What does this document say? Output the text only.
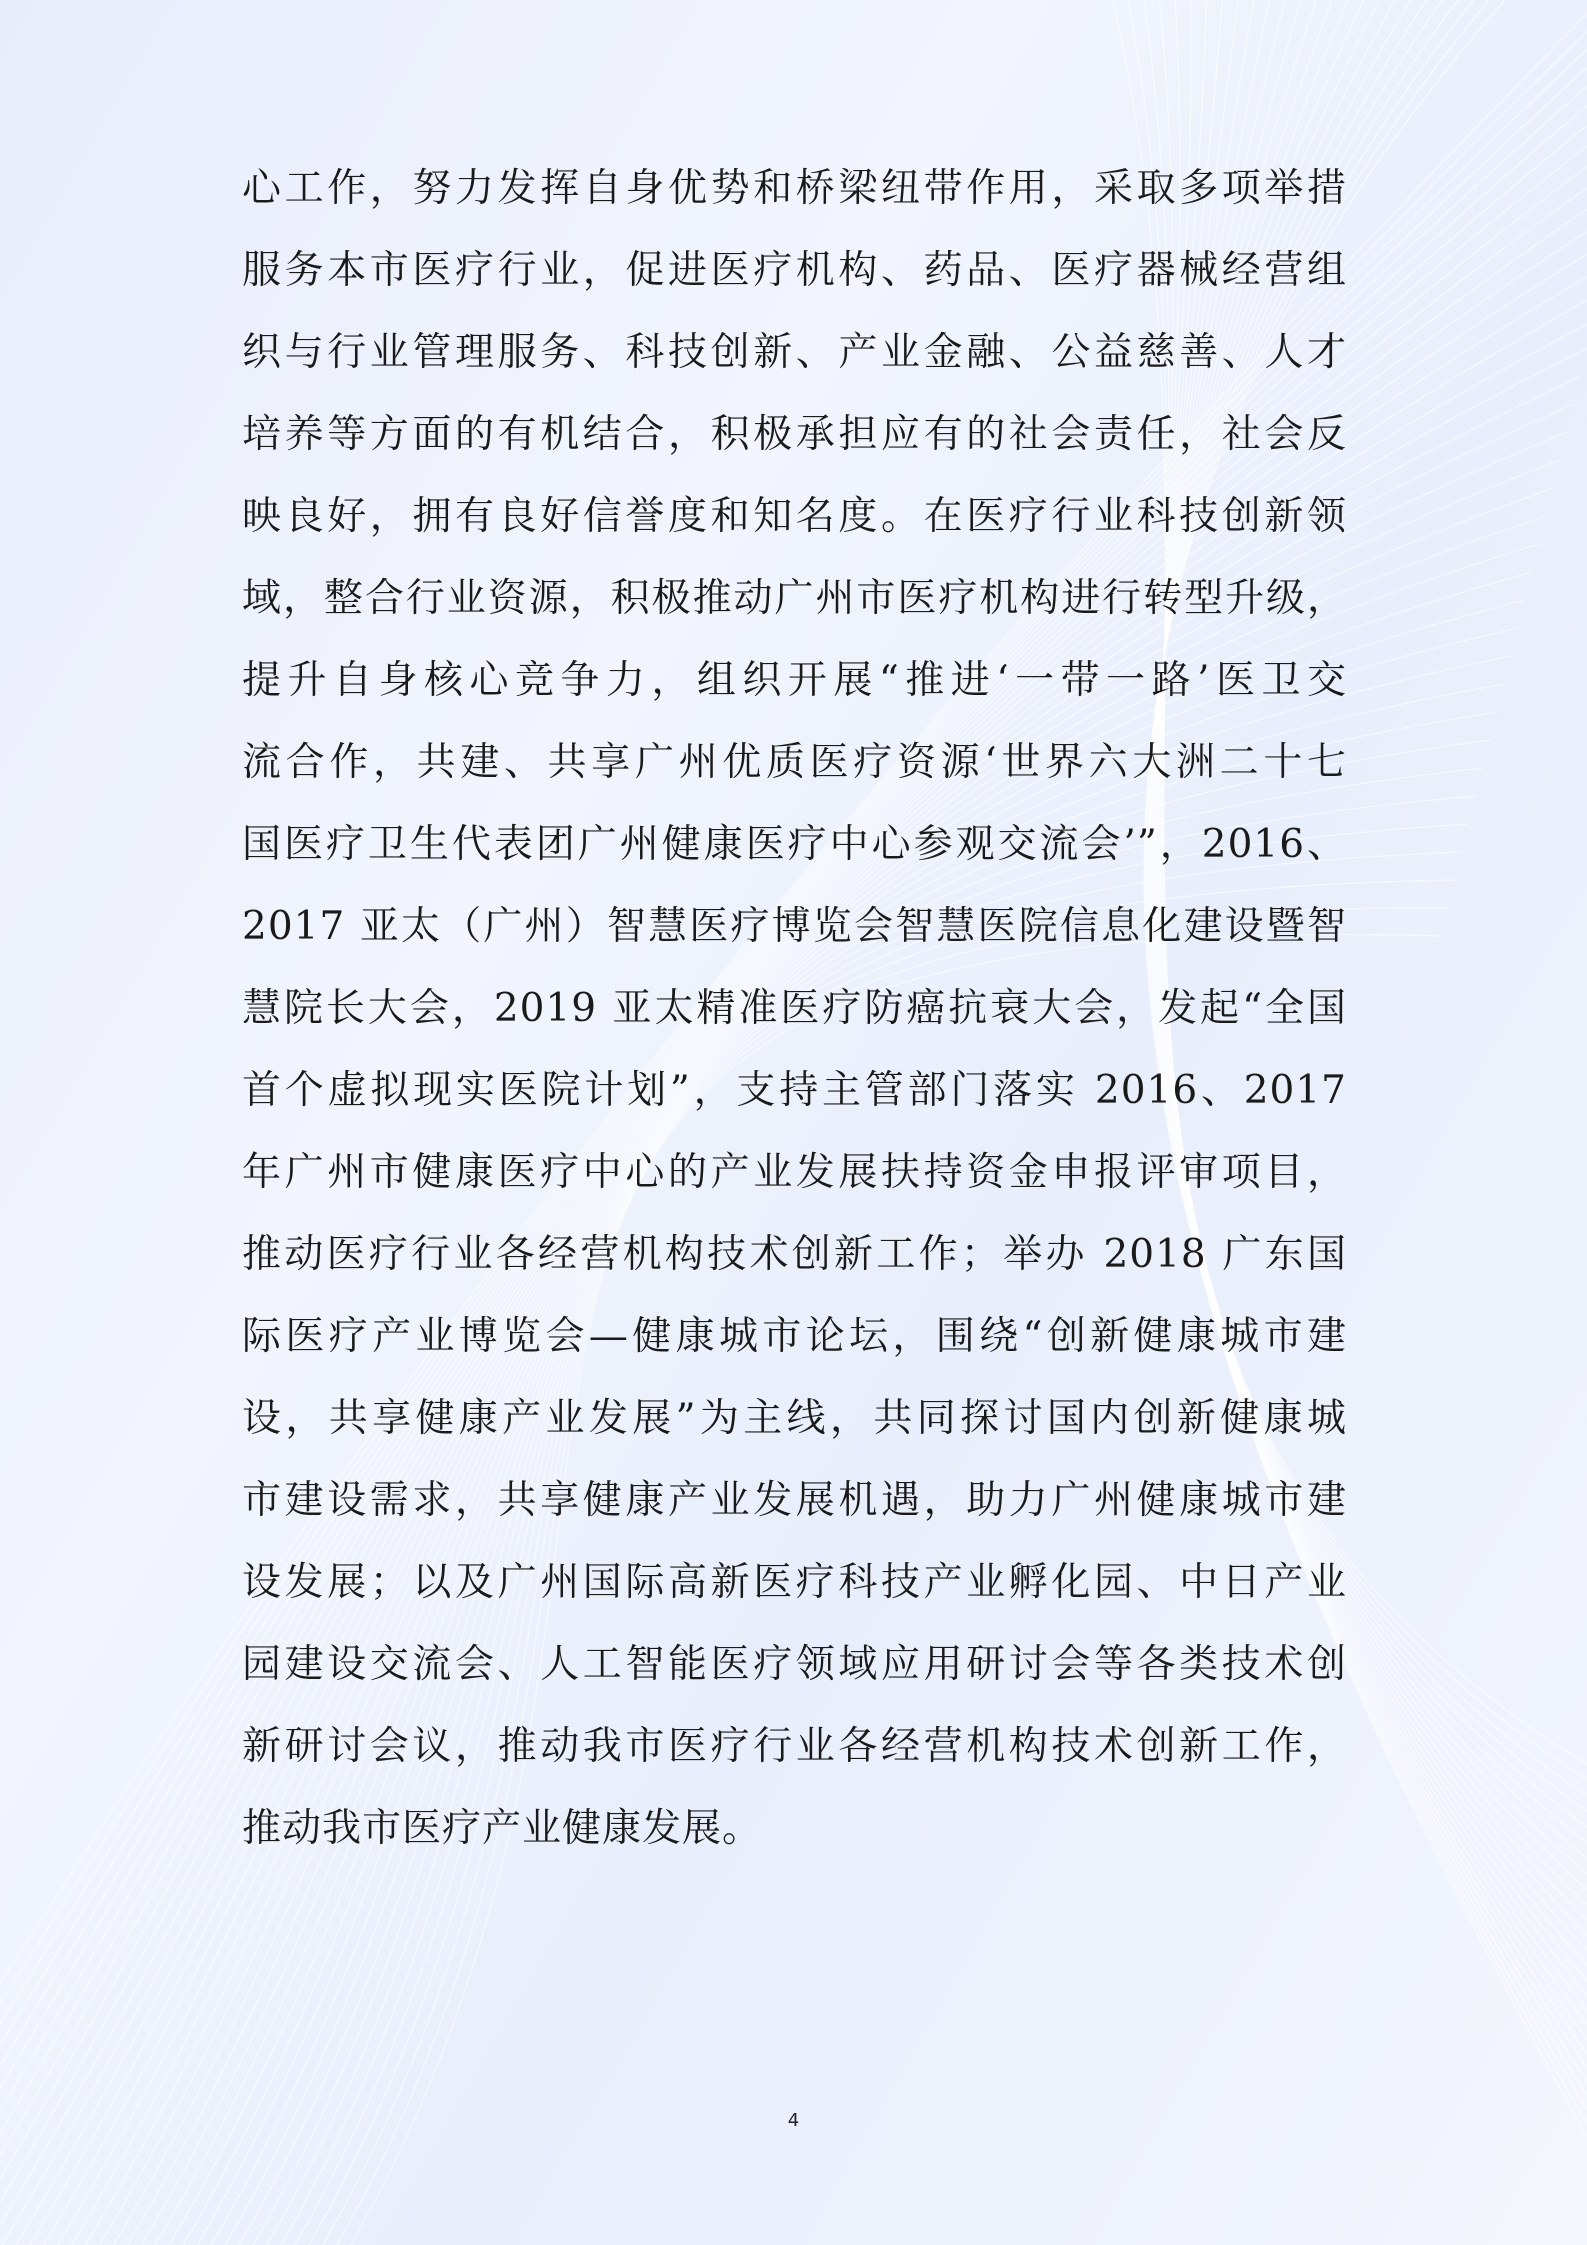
心工作，努力发挥自身优势和桥梁纽带作用，采取多项举措
服务本市医疗行业，促进医疗机构、药品、医疗器械经营组
织与行业管理服务、科技创新、产业金融、公益慈善、人才
培养等方面的有机结合，积极承担应有的社会责任，社会反
映良好，拥有良好信誉度和知名度。在医疗行业科技创新领
域，整合行业资源，积极推动广州市医疗机构进行转型升级，
提升自身核心竞争力，组织开展“推进‘一带一路’医卫交
流合作，共建、共享广州优质医疗资源‘世界六大洲二十七
国医疗卫生代表团广州健康医疗中心参观交流会’”，2016、
2017 亚太（广州）智慧医疗博览会智慧医院信息化建设暨智
慧院长大会，2019 亚太精准医疗防癌抗衰大会，发起“全国
首个虚拟现实医院计划”，支持主管部门落实 2016、2017
年广州市健康医疗中心的产业发展扶持资金申报评审项目，
推动医疗行业各经营机构技术创新工作；举办 2018 广东国
际医疗产业博览会—健康城市论坛，围绕“创新健康城市建
设，共享健康产业发展”为主线，共同探讨国内创新健康城
市建设需求，共享健康产业发展机遇，助力广州健康城市建
设发展；以及广州国际高新医疗科技产业孵化园、中日产业
园建设交流会、人工智能医疗领域应用研讨会等各类技术创
新研讨会议，推动我市医疗行业各经营机构技术创新工作，
推动我市医疗产业健康发展。
4
